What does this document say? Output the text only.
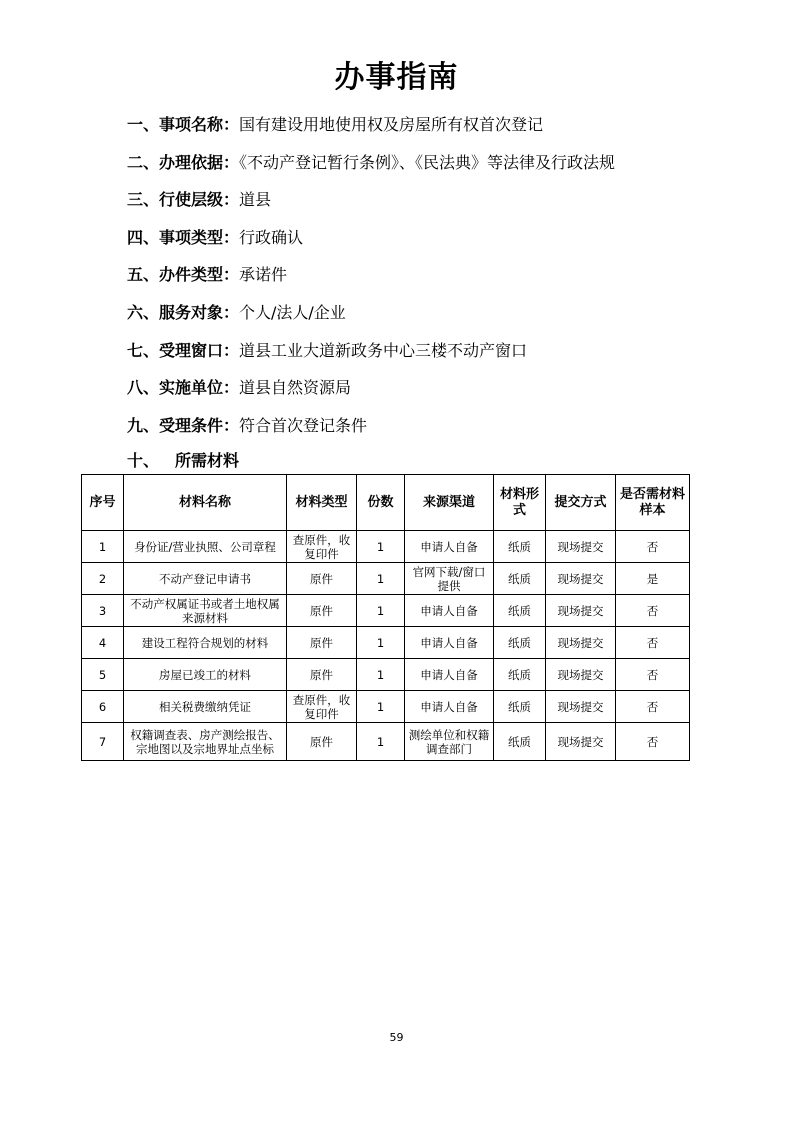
办事指南
一、事项名称：国有建设用地使用权及房屋所有权首次登记
二、办理依据：《不动产登记暂行条例》、《民法典》等法律及行政法规
三、行使层级：道县
四、事项类型：行政确认
五、办件类型：承诺件
六、服务对象：个人/法人/企业
七、受理窗口：道县工业大道新政务中心三楼不动产窗口
八、实施单位：道县自然资源局
九、受理条件：符合首次登记条件
十、 所需材料
序号	材料名称	材料类型	份数	来源渠道	材料形式	提交方式	是否需材料样本
1	身份证/营业执照、公司章程	查原件，收复印件	1	申请人自备	纸质	现场提交	否
2	不动产登记申请书	原件	1	官网下载/窗口提供	纸质	现场提交	是
3	不动产权属证书或者土地权属来源材料	原件	1	申请人自备	纸质	现场提交	否
4	建设工程符合规划的材料	原件	1	申请人自备	纸质	现场提交	否
5	房屋已竣工的材料	原件	1	申请人自备	纸质	现场提交	否
6	相关税费缴纳凭证	查原件，收复印件	1	申请人自备	纸质	现场提交	否
7	权籍调查表、房产测绘报告、宗地图以及宗地界址点坐标	原件	1	测绘单位和权籍调查部门	纸质	现场提交	否
59
